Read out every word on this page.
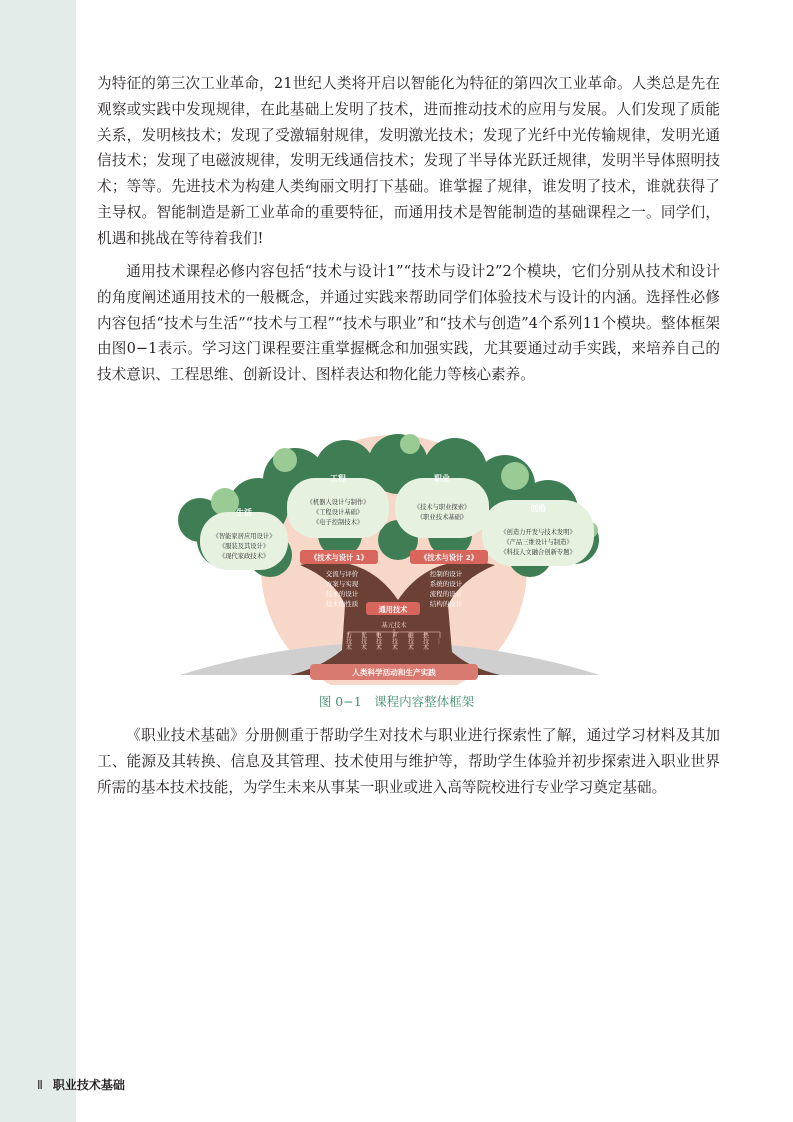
为特征的第三次工业革命，21世纪人类将开启以智能化为特征的第四次工业革命。人类总是先在观察或实践中发现规律，在此基础上发明了技术，进而推动技术的应用与发展。人们发现了质能关系，发明核技术；发现了受激辐射规律，发明激光技术；发现了光纤中光传输规律，发明光通信技术；发现了电磁波规律，发明无线通信技术；发现了半导体光跃迁规律，发明半导体照明技术；等等。先进技术为构建人类绚丽文明打下基础。谁掌握了规律，谁发明了技术，谁就获得了主导权。智能制造是新工业革命的重要特征，而通用技术是智能制造的基础课程之一。同学们，机遇和挑战在等待着我们!

通用技术课程必修内容包括“技术与设计1”“技术与设计2”2个模块，它们分别从技术和设计的角度阐述通用技术的一般概念，并通过实践来帮助同学们体验技术与设计的内涵。选择性必修内容包括“技术与生活”“技术与工程”“技术与职业”和“技术与创造”4个系列11个模块。整体框架由图0−1表示。学习这门课程要注重掌握概念和加强实践，尤其要通过动手实践，来培养自己的技术意识、工程思维、创新设计、图样表达和物化能力等核心素养。

生活
工程	职业
创造
《智能家居应用设计》
《服装及其设计》
《现代家政技术》
《机器人设计与制作》
《工程设计基础》
《电子控制技术》
《技术与职业探索》
《职业技术基础》
《创造力开发与技术发明》
《产品三维设计与制造》
《科技人文融合创新专题》
《技术与设计 1》	《技术与设计 2》
交流与评价
方案与实现
技术的设计
技术的性质
控制的设计
系统的设计
流程的设计
结构的设计
通用技术
基元技术
力技术 光技术 电技术 声技术 磁技术 热技术 …
人类科学活动和生产实践
图 0−1　课程内容整体框架

《职业技术基础》分册侧重于帮助学生对技术与职业进行探索性了解，通过学习材料及其加工、能源及其转换、信息及其管理、技术使用与维护等，帮助学生体验并初步探索进入职业世界所需的基本技术技能，为学生未来从事某一职业或进入高等院校进行专业学习奠定基础。

Ⅱ 职业技术基础
